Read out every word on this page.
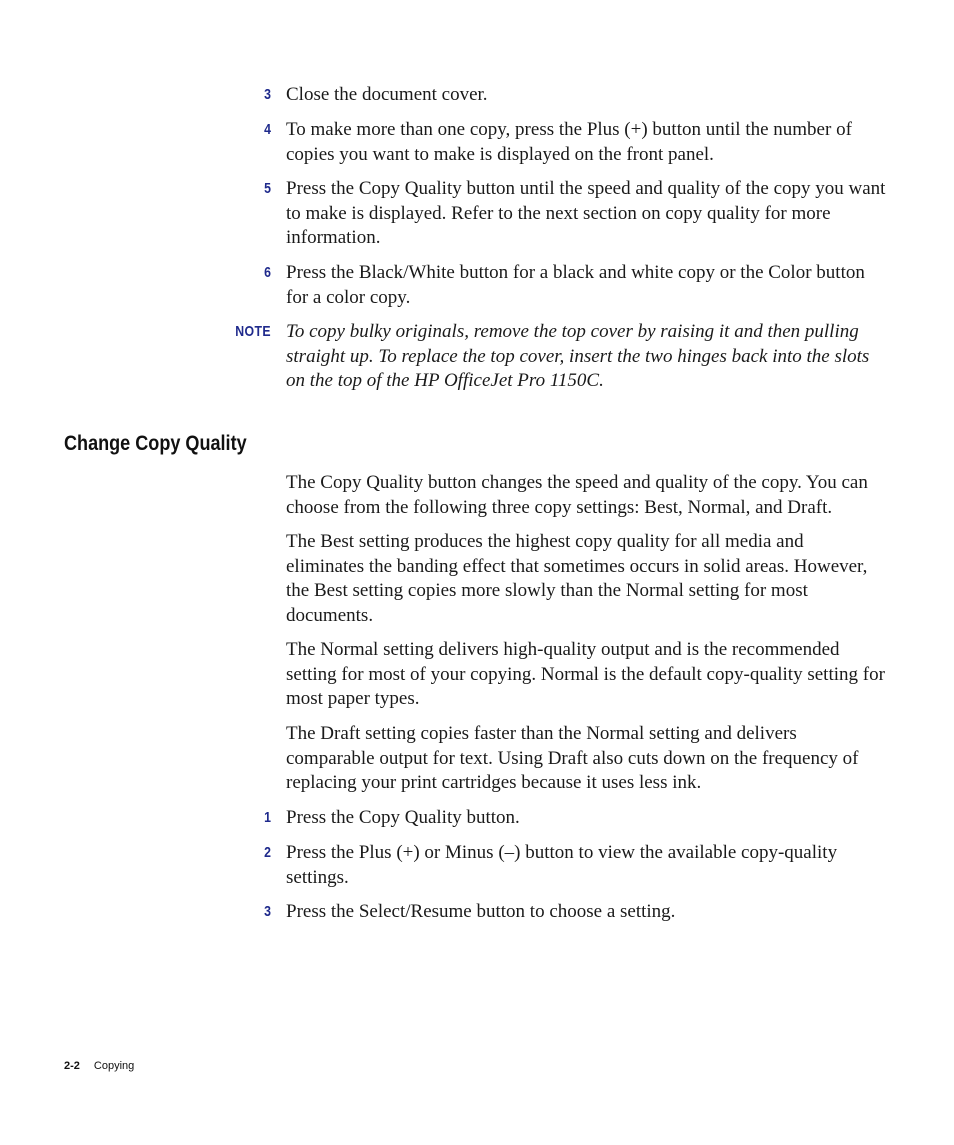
3 Close the document cover.

4 To make more than one copy, press the Plus (+) button until the number of copies you want to make is displayed on the front panel.

5 Press the Copy Quality button until the speed and quality of the copy you want to make is displayed. Refer to the next section on copy quality for more information.

6 Press the Black/White button for a black and white copy or the Color button for a color copy.

NOTE To copy bulky originals, remove the top cover by raising it and then pulling straight up. To replace the top cover, insert the two hinges back into the slots on the top of the HP OfficeJet Pro 1150C.

Change Copy Quality

The Copy Quality button changes the speed and quality of the copy. You can choose from the following three copy settings: Best, Normal, and Draft.

The Best setting produces the highest copy quality for all media and eliminates the banding effect that sometimes occurs in solid areas. However, the Best setting copies more slowly than the Normal setting for most documents.

The Normal setting delivers high-quality output and is the recommended setting for most of your copying. Normal is the default copy-quality setting for most paper types.

The Draft setting copies faster than the Normal setting and delivers comparable output for text. Using Draft also cuts down on the frequency of replacing your print cartridges because it uses less ink.

1 Press the Copy Quality button.

2 Press the Plus (+) or Minus (–) button to view the available copy-quality settings.

3 Press the Select/Resume button to choose a setting.

2-2 Copying
